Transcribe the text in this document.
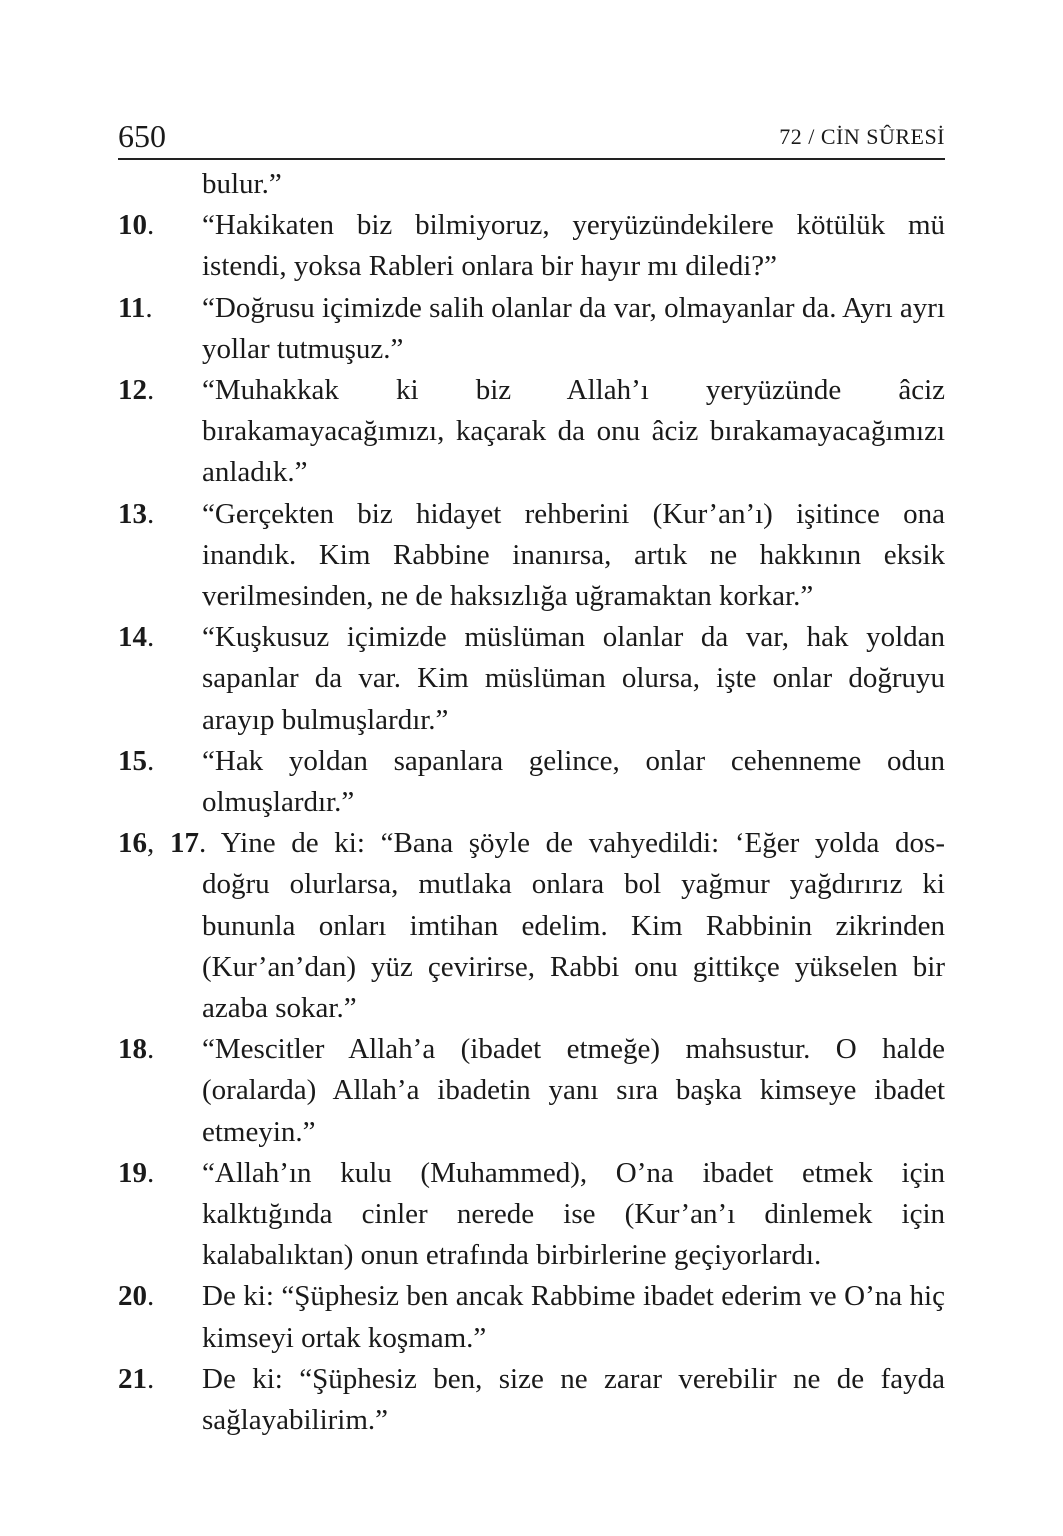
650	72 / CİN SÛRESİ
bulur.”
10.	“Hakikaten biz bilmiyoruz, yeryüzündekilere kötülük mü istendi, yoksa Rableri onlara bir hayır mı diledi?”
11.	“Doğrusu içimizde salih olanlar da var, olmayanlar da. Ayrı ayrı yollar tutmuşuz.”
12.	“Muhakkak ki biz Allah’ı yeryüzünde âciz bırakamayacağımızı, kaçarak da onu âciz bırakamayacağımızı anladık.”
13.	“Gerçekten biz hidayet rehberini (Kur’an’ı) işitince ona inandık. Kim Rabbine inanırsa, artık ne hakkının eksik verilmesinden, ne de haksızlığa uğramaktan korkar.”
14.	“Kuşkusuz içimizde müslüman olanlar da var, hak yoldan sapanlar da var. Kim müslüman olursa, işte onlar doğruyu arayıp bulmuşlardır.”
15.	“Hak yoldan sapanlara gelince, onlar cehenneme odun olmuşlardır.”
16, 17. Yine de ki: “Bana şöyle de vahyedildi: ‘Eğer yolda dos-
doğru olurlarsa, mutlaka onlara bol yağmur yağdırırız ki bununla onları imtihan edelim. Kim Rabbinin zikrinden (Kur’an’dan) yüz çevirirse, Rabbi onu gittikçe yükselen bir azaba sokar.”
18.	“Mescitler Allah’a (ibadet etmeğe) mahsustur. O halde (oralarda) Allah’a ibadetin yanı sıra başka kimseye ibadet etmeyin.”
19.	“Allah’ın kulu (Muhammed), O’na ibadet etmek için kalktığında cinler nerede ise (Kur’an’ı dinlemek için kalabalıktan) onun etrafında birbirlerine geçiyorlardı.
20.	De ki: “Şüphesiz ben ancak Rabbime ibadet ederim ve O’na hiç kimseyi ortak koşmam.”
21.	De ki: “Şüphesiz ben, size ne zarar verebilir ne de fayda sağlayabilirim.”
